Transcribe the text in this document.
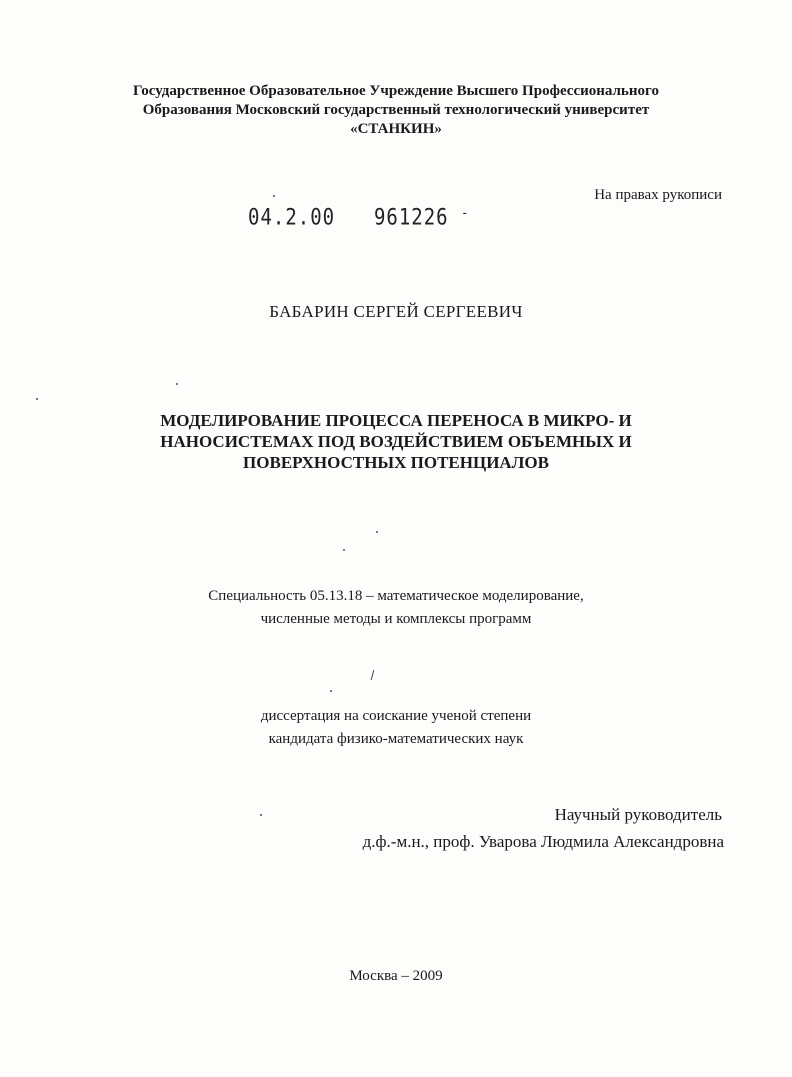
Государственное Образовательное Учреждение Высшего Профессионального
Образования Московский государственный технологический университет
«СТАНКИН»
На правах рукописи
04.2.00 961226 -
БАБАРИН СЕРГЕЙ СЕРГЕЕВИЧ
МОДЕЛИРОВАНИЕ ПРОЦЕССА ПЕРЕНОСА В МИКРО- И
НАНОСИСТЕМАХ ПОД ВОЗДЕЙСТВИЕМ ОБЪЕМНЫХ И
ПОВЕРХНОСТНЫХ ПОТЕНЦИАЛОВ
Специальность 05.13.18 – математическое моделирование,
численные методы и комплексы программ
диссертация на соискание ученой степени
кандидата физико-математических наук
Научный руководитель
д.ф.-м.н., проф. Уварова Людмила Александровна
Москва – 2009
